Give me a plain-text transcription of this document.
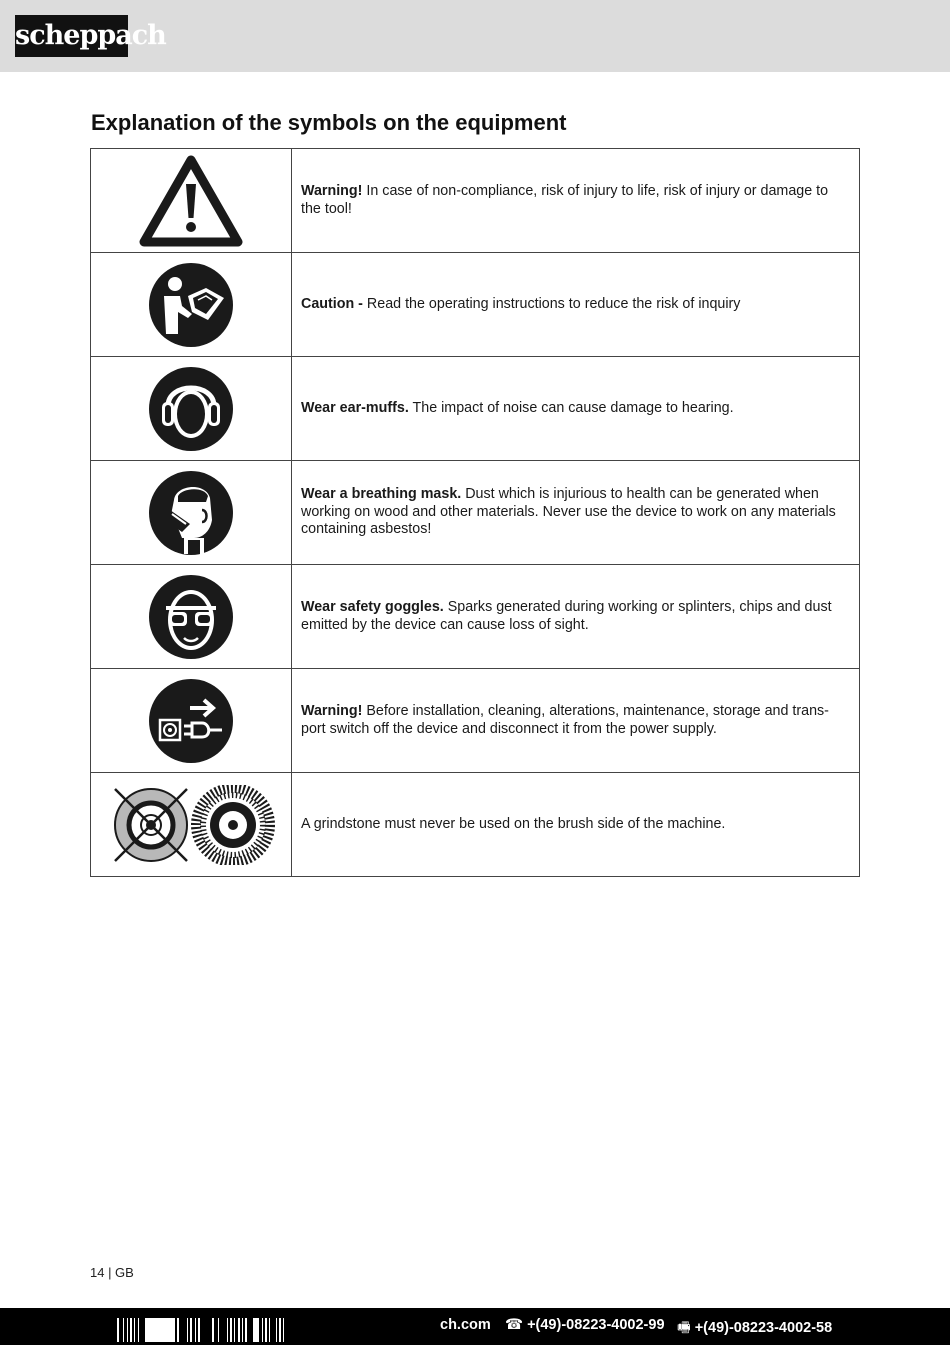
scheppach
Explanation of the symbols on the equipment
	Warning! In case of non-compliance, risk of injury to life, risk of injury or damage to the tool!

	Caution - Read the operating instructions to reduce the risk of inquiry

	Wear ear-muffs. The impact of noise can cause damage to hearing.

	Wear a breathing mask. Dust which is injurious to health can be generated when working on wood and other materials. Never use the device to work on any materials containing asbestos!

	Wear safety goggles. Sparks generated during working or splinters, chips and dust emitted by the device can cause loss of sight.

	Warning! Before installation, cleaning, alterations, maintenance, storage and trans-port switch off the device and disconnect it from the power supply.

	A grindstone must never be used on the brush side of the machine.
14 | GB
ch.com ☎ +(49)-08223-4002-99 🖷 +(49)-08223-4002-58
